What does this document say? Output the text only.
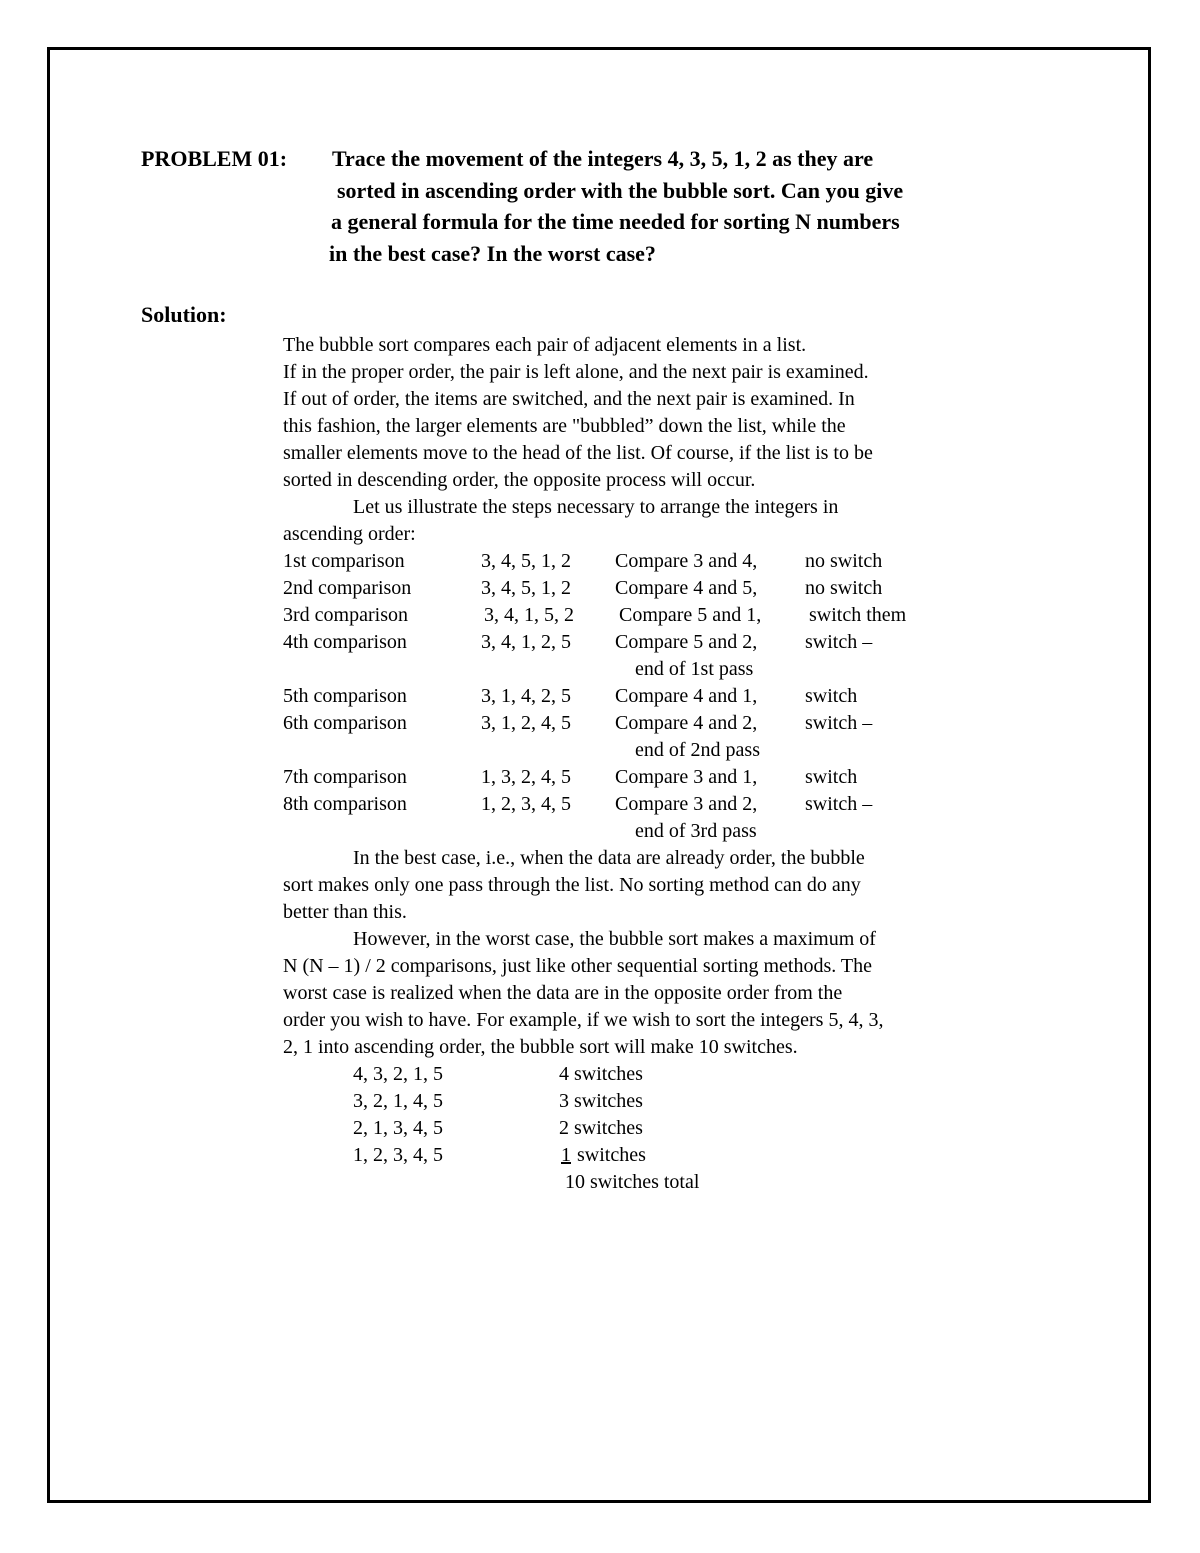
PROBLEM 01: Trace the movement of the integers 4, 3, 5, 1, 2 as they are
sorted in ascending order with the bubble sort. Can you give
a general formula for the time needed for sorting N numbers
in the best case? In the worst case?
Solution:
The bubble sort compares each pair of adjacent elements in a list.
If in the proper order, the pair is left alone, and the next pair is examined.
If out of order, the items are switched, and the next pair is examined. In
this fashion, the larger elements are "bubbled” down the list, while the
smaller elements move to the head of the list. Of course, if the list is to be
sorted in descending order, the opposite process will occur.
Let us illustrate the steps necessary to arrange the integers in
ascending order:
1st comparison	3, 4, 5, 1, 2 Compare 3 and 4, no switch
2nd comparison	3, 4, 5, 1, 2 Compare 4 and 5, no switch
3rd comparison	3, 4, 1, 5, 2 Compare 5 and 1, switch them
4th comparison	3, 4, 1, 2, 5 Compare 5 and 2, switch –
end of 1st pass
5th comparison	3, 1, 4, 2, 5 Compare 4 and 1, switch
6th comparison	3, 1, 2, 4, 5 Compare 4 and 2, switch –
end of 2nd pass
7th comparison	1, 3, 2, 4, 5 Compare 3 and 1, switch
8th comparison	1, 2, 3, 4, 5 Compare 3 and 2, switch –
end of 3rd pass
In the best case, i.e., when the data are already order, the bubble
sort makes only one pass through the list. No sorting method can do any
better than this.
However, in the worst case, the bubble sort makes a maximum of
N (N – 1) / 2 comparisons, just like other sequential sorting methods. The
worst case is realized when the data are in the opposite order from the
order you wish to have. For example, if we wish to sort the integers 5, 4, 3,
2, 1 into ascending order, the bubble sort will make 10 switches.
4, 3, 2, 1, 5	4 switches
3, 2, 1, 4, 5	3 switches
2, 1, 3, 4, 5	2 switches
1, 2, 3, 4, 5	1 switches
10 switches total
